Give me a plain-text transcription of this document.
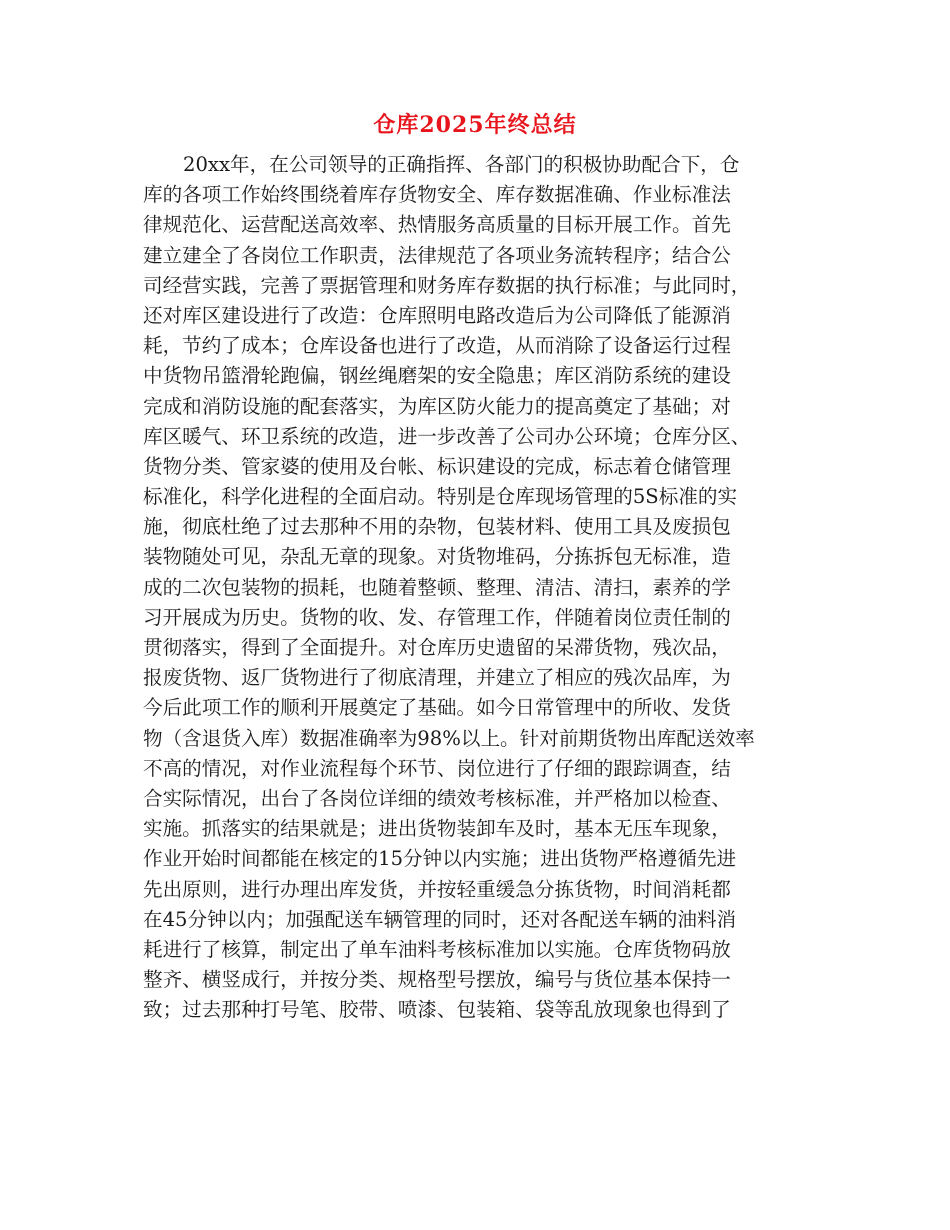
仓库2025年终总结
20xx年，在公司领导的正确指挥、各部门的积极协助配合下，仓
库的各项工作始终围绕着库存货物安全、库存数据准确、作业标准法
律规范化、运营配送高效率、热情服务高质量的目标开展工作。首先
建立建全了各岗位工作职责，法律规范了各项业务流转程序；结合公
司经营实践，完善了票据管理和财务库存数据的执行标准；与此同时，
还对库区建设进行了改造：仓库照明电路改造后为公司降低了能源消
耗，节约了成本；仓库设备也进行了改造，从而消除了设备运行过程
中货物吊篮滑轮跑偏，钢丝绳磨架的安全隐患；库区消防系统的建设
完成和消防设施的配套落实，为库区防火能力的提高奠定了基础；对
库区暖气、环卫系统的改造，进一步改善了公司办公环境；仓库分区、
货物分类、管家婆的使用及台帐、标识建设的完成，标志着仓储管理
标准化，科学化进程的全面启动。特别是仓库现场管理的5S标准的实
施，彻底杜绝了过去那种不用的杂物，包装材料、使用工具及废损包
装物随处可见，杂乱无章的现象。对货物堆码，分拣拆包无标准，造
成的二次包装物的损耗，也随着整顿、整理、清洁、清扫，素养的学
习开展成为历史。货物的收、发、存管理工作，伴随着岗位责任制的
贯彻落实，得到了全面提升。对仓库历史遗留的呆滞货物，残次品，
报废货物、返厂货物进行了彻底清理，并建立了相应的残次品库，为
今后此项工作的顺利开展奠定了基础。如今日常管理中的所收、发货
物（含退货入库）数据准确率为98%以上。针对前期货物出库配送效率
不高的情况，对作业流程每个环节、岗位进行了仔细的跟踪调查，结
合实际情况，出台了各岗位详细的绩效考核标准，并严格加以检查、
实施。抓落实的结果就是；进出货物装卸车及时，基本无压车现象，
作业开始时间都能在核定的15分钟以内实施；进出货物严格遵循先进
先出原则，进行办理出库发货，并按轻重缓急分拣货物，时间消耗都
在45分钟以内；加强配送车辆管理的同时，还对各配送车辆的油料消
耗进行了核算，制定出了单车油料考核标准加以实施。仓库货物码放
整齐、横竖成行，并按分类、规格型号摆放，编号与货位基本保持一
致；过去那种打号笔、胶带、喷漆、包装箱、袋等乱放现象也得到了
